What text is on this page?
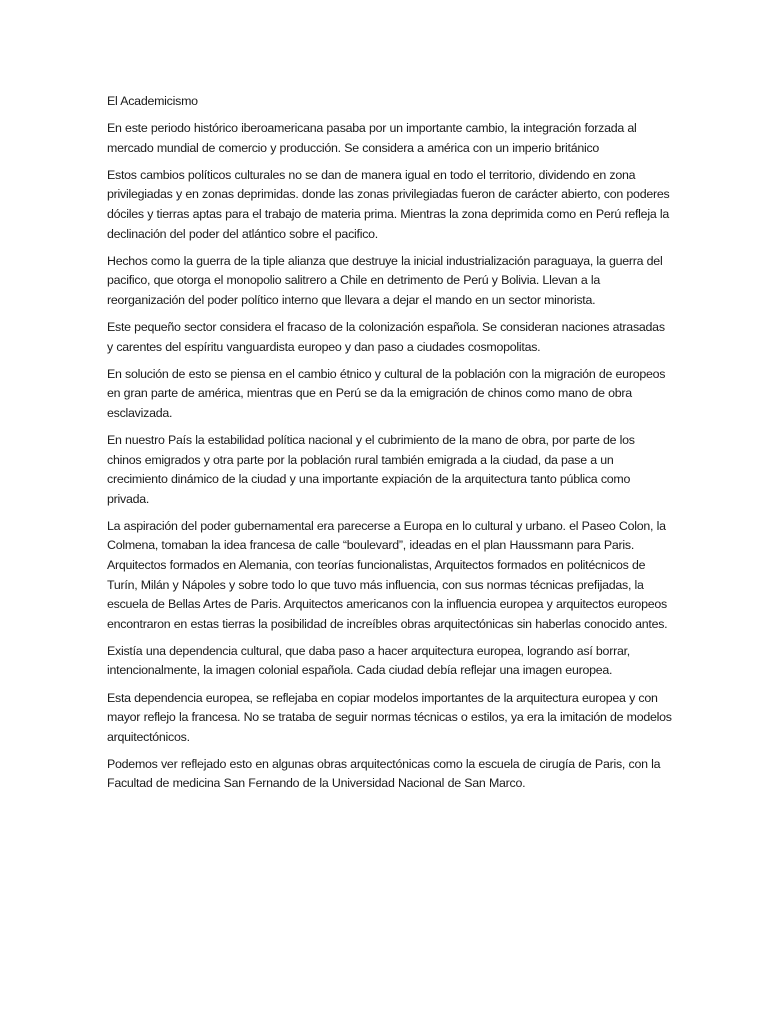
El Academicismo

En este periodo histórico iberoamericana pasaba por un importante cambio, la integración forzada al mercado mundial de comercio y producción. Se considera a américa con un imperio británico

Estos cambios políticos culturales no se dan de manera igual en todo el territorio, dividendo en zona privilegiadas y en zonas deprimidas. donde las zonas privilegiadas fueron de carácter abierto, con poderes dóciles y tierras aptas para el trabajo de materia prima. Mientras la zona deprimida como en Perú refleja la declinación del poder del atlántico sobre el pacifico.

Hechos como la guerra de la tiple alianza que destruye la inicial industrialización paraguaya, la guerra del pacifico, que otorga el monopolio salitrero a Chile en detrimento de Perú y Bolivia. Llevan a la reorganización del poder político interno que llevara a dejar el mando en un sector minorista.

Este pequeño sector considera el fracaso de la colonización española. Se consideran naciones atrasadas y carentes del espíritu vanguardista europeo y dan paso a ciudades cosmopolitas.

En solución de esto se piensa en el cambio étnico y cultural de la población con la migración de europeos en gran parte de américa, mientras que en Perú se da la emigración de chinos como mano de obra esclavizada.

En nuestro País la estabilidad política nacional y el cubrimiento de la mano de obra, por parte de los chinos emigrados y otra parte por la población rural también emigrada a la ciudad, da pase a un crecimiento dinámico de la ciudad y una importante expiación de la arquitectura tanto pública como privada.

La aspiración del poder gubernamental era parecerse a Europa en lo cultural y urbano. el Paseo Colon, la Colmena, tomaban la idea francesa de calle “boulevard”, ideadas en el plan Haussmann para Paris. Arquitectos formados en Alemania, con teorías funcionalistas, Arquitectos formados en politécnicos de Turín, Milán y Nápoles y sobre todo lo que tuvo más influencia, con sus normas técnicas prefijadas, la escuela de Bellas Artes de Paris. Arquitectos americanos con la influencia europea y arquitectos europeos encontraron en estas tierras la posibilidad de increíbles obras arquitectónicas sin haberlas conocido antes.

Existía una dependencia cultural, que daba paso a hacer arquitectura europea, logrando así borrar, intencionalmente, la imagen colonial española. Cada ciudad debía reflejar una imagen europea.

Esta dependencia europea, se reflejaba en copiar modelos importantes de la arquitectura europea y con mayor reflejo la francesa. No se trataba de seguir normas técnicas o estilos, ya era la imitación de modelos arquitectónicos.

Podemos ver reflejado esto en algunas obras arquitectónicas como la escuela de cirugía de Paris, con la Facultad de medicina San Fernando de la Universidad Nacional de San Marco.
